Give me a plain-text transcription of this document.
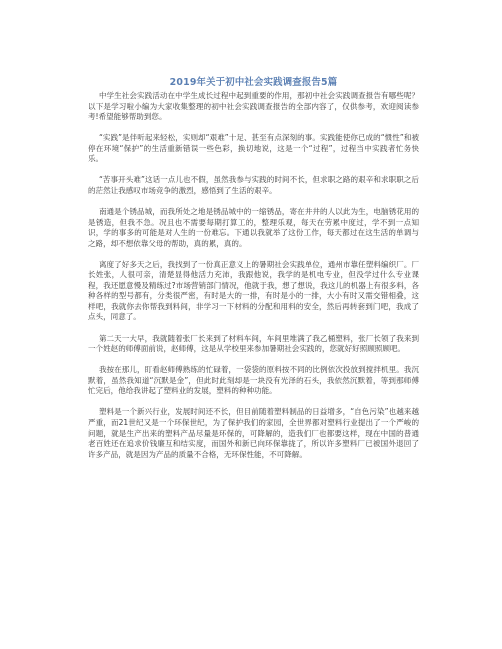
2019年关于初中社会实践调查报告5篇

中学生社会实践活动在中学生成长过程中起到重要的作用，那初中社会实践调查报告有哪些呢？以下是学习啦小编为大家收集整理的初中社会实践调查报告的全部内容了，仅供参考，欢迎阅读参考!希望能够帮助到您。

“实践”是伴听起来轻松，实则却“艰难”十足、甚至有点深刻的事。实践能使你已成的“惯性”和被停在环境“保护”的生活重新错误一些色彩，换切地说，这是一个“过程”，过程当中实践者忙务快乐。

“苦事开头难”这话一点儿也不假，虽然我参与实践的时间不长，但求职之路的艰辛和求职职之后的茫然让我感叹市场竞争的激烈，感悟到了生活的艰辛。

南通是个锈品城，而我所处之地是锈品城中的一缩锈品，寄在井井的人以此为生，电脑锈花用的是锈造，但我不急。况且也不需要每期打算工的，整理乐观，每天在劳累中度过，学不到一点知识，学的事多的可能是对人生的一份难忘。下通以我就举了这份工作，每天都过在这生活的单调与之路，却不想依靠父母的帮助，真的累，真的。

离度了好多天之后，我找到了一份真正意义上的暑期社会实践单位，通州市靠任塑料编织厂。厂长姓张，人很可亲，清楚显得他活力充沛，我跟他说，我学的是机电专业，但没学过什么专业课程，我还愿意慢及精练过?市场营销部门情况，他就于我，想了想说，我这儿的机器上有很多料，各种各样的型号都有，分类很严密，有时是大的一排，有时是小的一排，大小有时又需交错相叠，这样吧，我就你去你帮我到料间，非学习一下材料的分配和用料的安全，然后再转套到门吧，我成了点头，同意了。

第二天一大早，我就随着张厂长来到了材料车间，车间里堆满了我乙桶塑料，张厂长领了我来到一个姓赵的师傅面前说，赵师傅，这是从学校里来参加暑期社会实践的，您就好好照顾照顾吧。

我按在那儿，盯看赵师傅熟练的忙碌着，一袋袋的原料按不同的比例依次投放到搅拌机里。我沉默着，虽然我知道“沉默是金”，但此时此刻却是一块没有光泽的石头，我依然沉默着，等到那师傅忙完后，他给我讲起了塑料业的发展，塑料的种种功能。

塑料是一个新兴行业，发展时间还不长，但目前随着塑料制品的日益增多，“自色污染”也越来越严重，而21世纪又是一个环保世纪，为了保护我们的家园，全世界都对塑料行业提出了一个严峻的问题，就是生产出来的塑料产品尽量是环保的，可降解的，造我们厂也都要这样，现在中国的普通老百姓还在追求价钱廉互和结实度，而国外和新已向环保靠拢了，所以许多塑料厂已被国外退回了许多产品，就是因为产品的质量不合格，无环保性能，不可降解。
